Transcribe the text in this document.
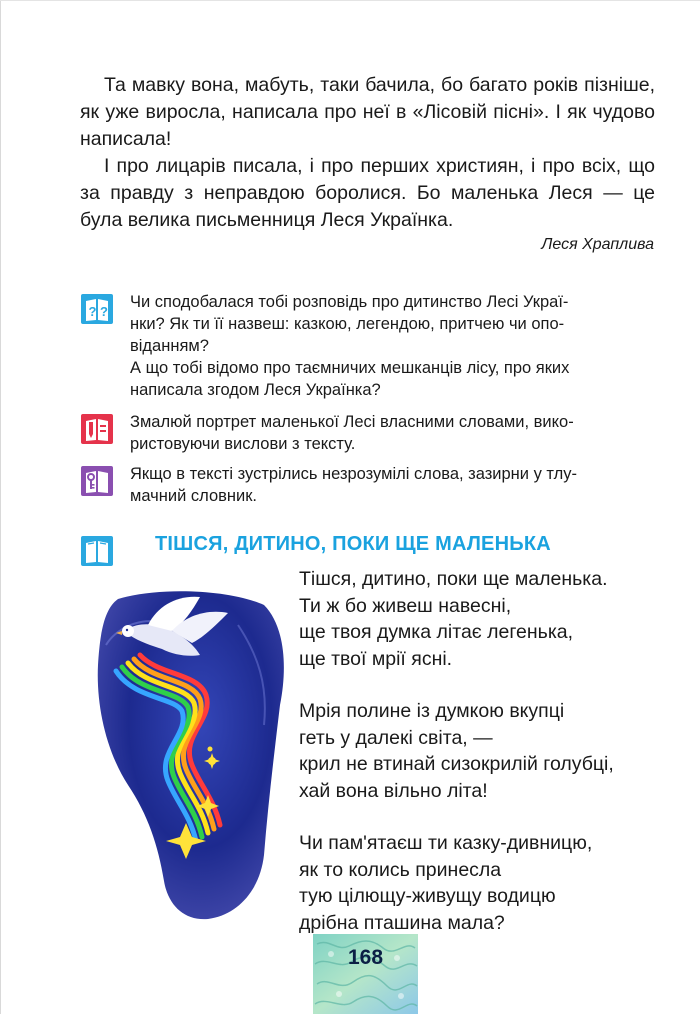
Та мавку вона, мабуть, таки бачила, бо багато років пізніше, як уже виросла, написала про неї в «Лісовій пісні». І як чудово написала!

І про лицарів писала, і про перших християн, і про всіх, що за правду з неправдою боролися. Бо маленька Леся — це була велика письменниця Леся Українка.

Леся Храплива
? ?
Чи сподобалася тобі розповідь про дитинство Лесі Украї-
нки? Як ти її назвеш: казкою, легендою, притчею чи опо-
віданням?
А що тобі відомо про таємничих мешканців лісу, про яких
написала згодом Леся Українка?
Змалюй портрет маленької Лесі власними словами, вико-
ристовуючи вислови з тексту.
Якщо в тексті зустрілись незрозумілі слова, зазирни у тлу-
мачний словник.
ТІШСЯ, ДИТИНО, ПОКИ ЩЕ МАЛЕНЬКА
Тішся, дитино, поки ще маленька.
Ти ж бо живеш навесні,
ще твоя думка літає легенька,
ще твої мрії ясні.
Мрія полине із думкою вкупці
геть у далекі світа, —
крил не втинай сизокрилій голубці,
хай вона вільно літа!
Чи пам'ятаєш ти казку-дивницю,
як то колись принесла
тую цілющу-живущу водицю
дрібна пташина мала?
168
